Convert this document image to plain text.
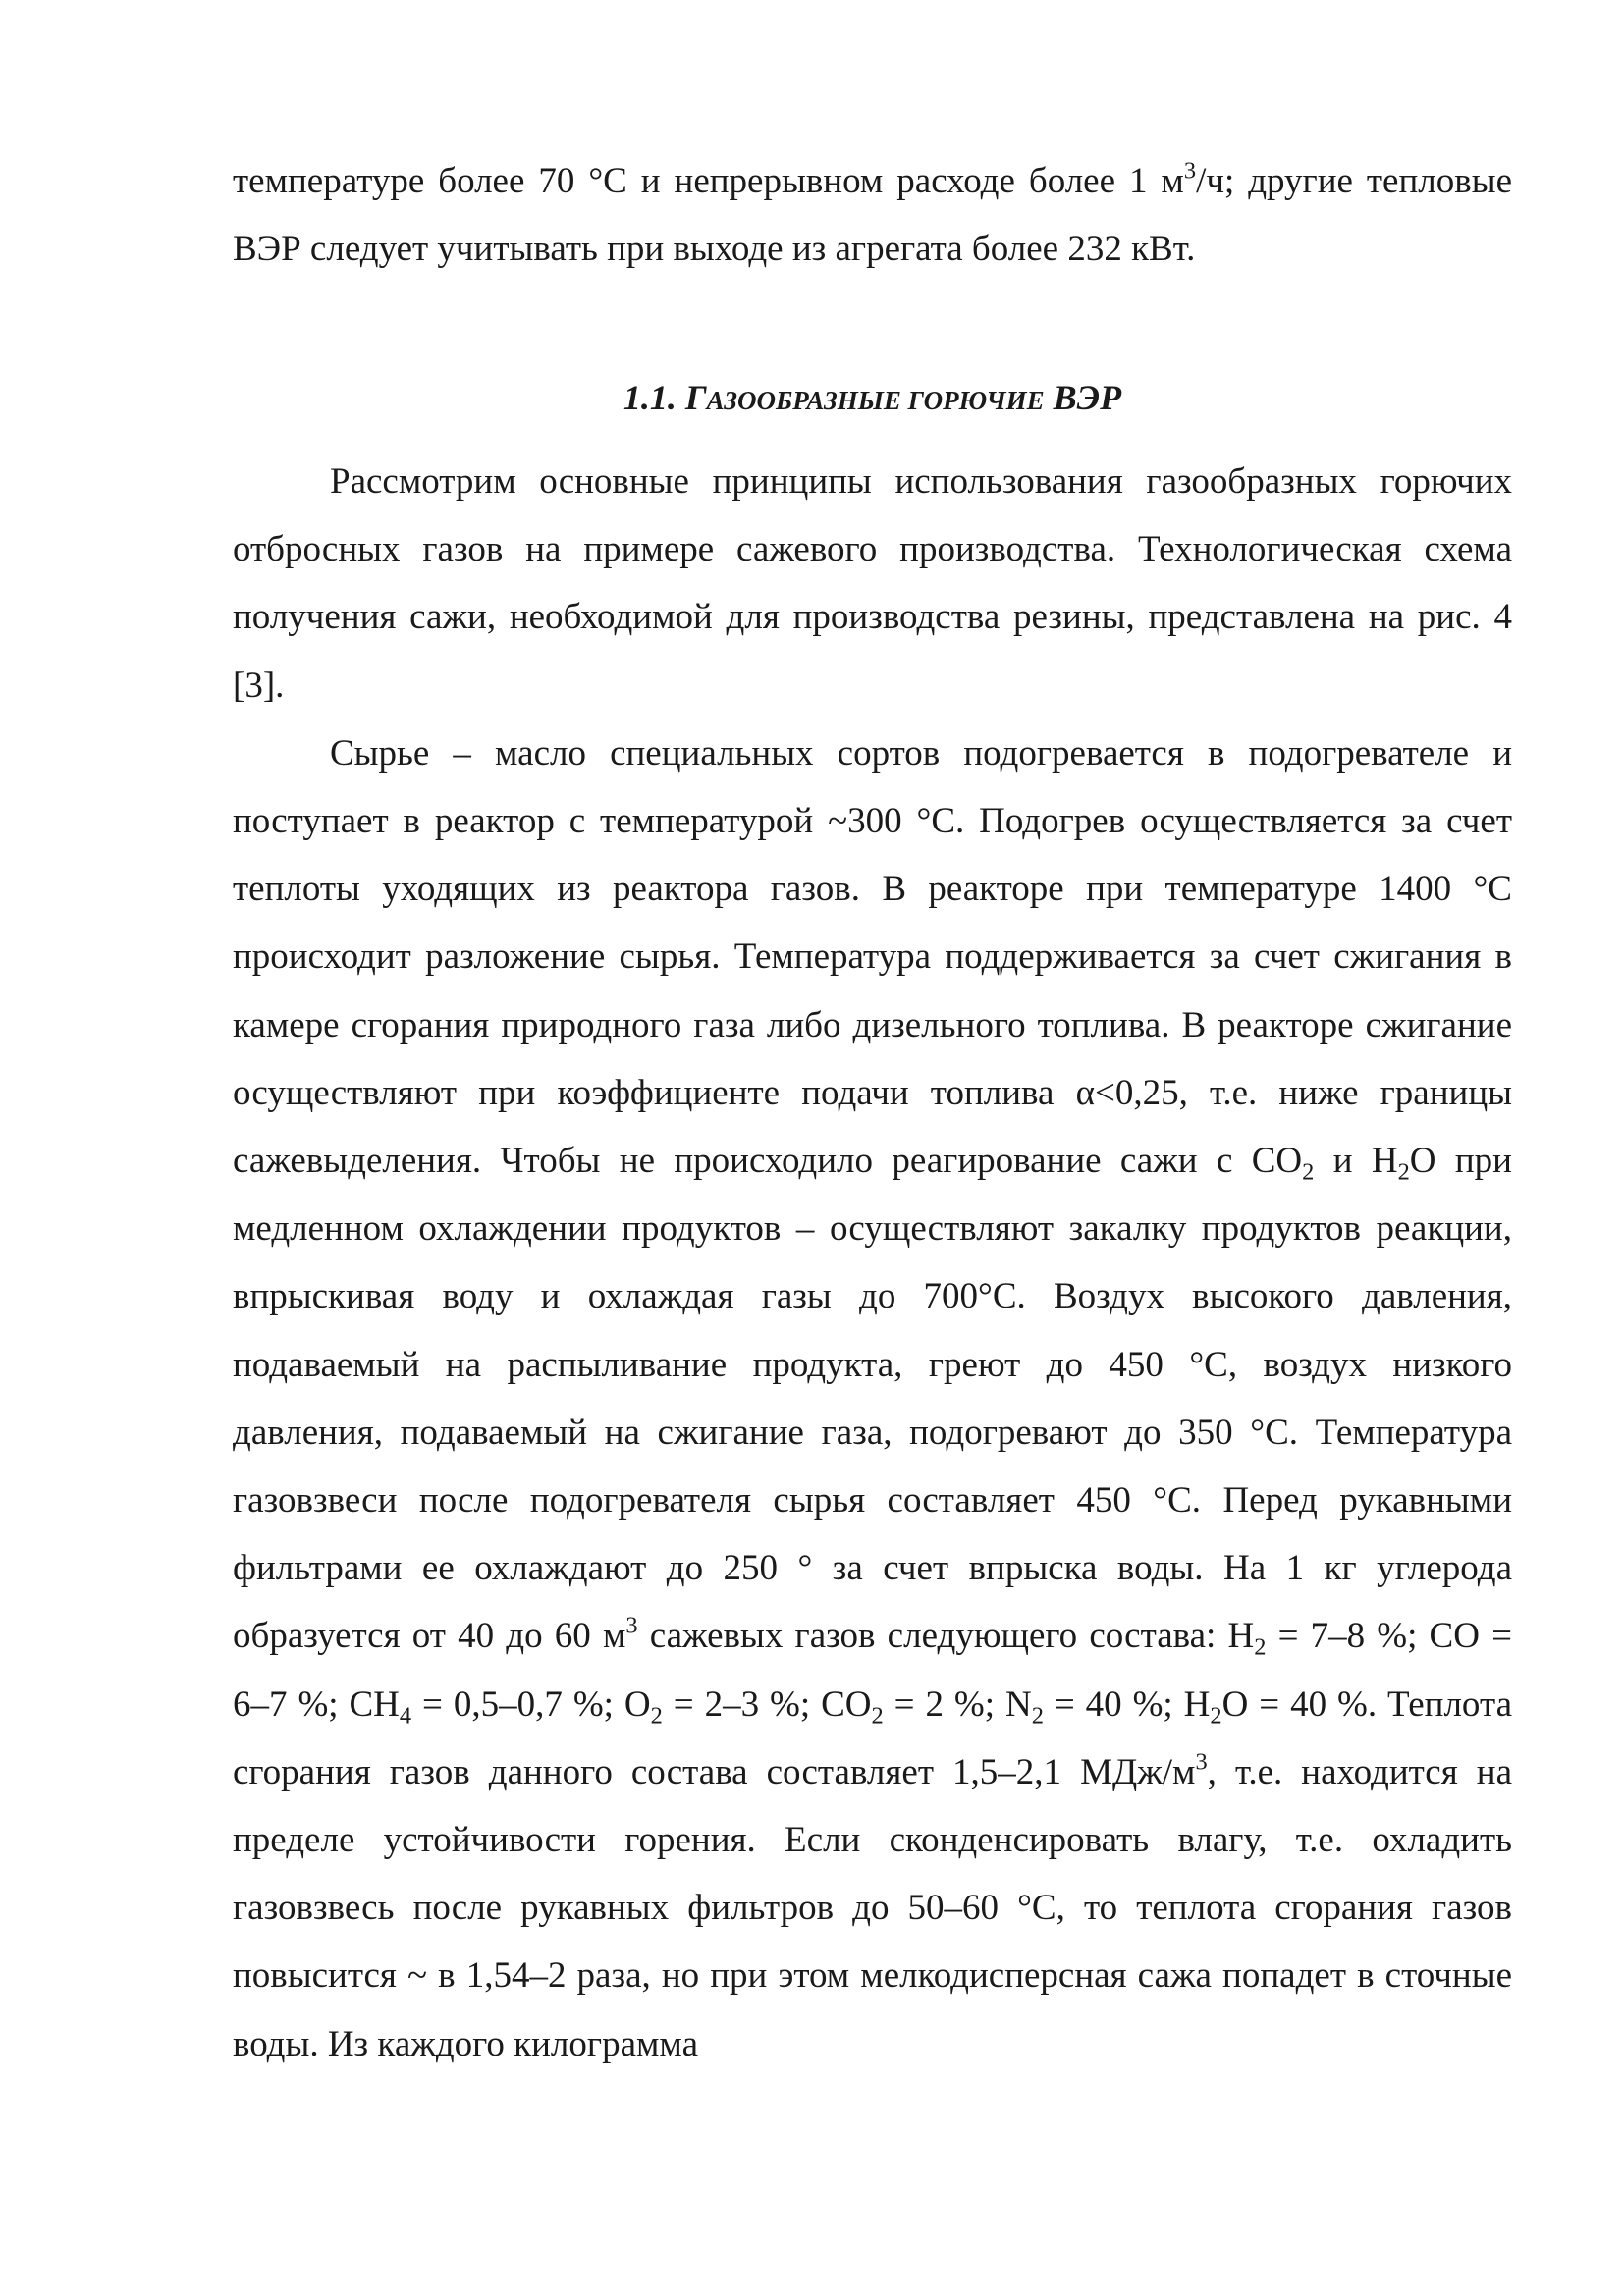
температуре более 70 °С и непрерывном расходе более 1 $м^3/ч$; другие тепловые ВЭР следует учитывать при выходе из агрегата более 232 кВт.

1.1. ГАЗООБРАЗНЫЕ ГОРЮЧИЕ ВЭР

Рассмотрим основные принципы использования газообразных горючих отбросных газов на примере сажевого производства. Технологическая схема получения сажи, необходимой для производства резины, представлена на рис. 4 [3].

Сырье – масло специальных сортов подогревается в подогревателе и поступает в реактор с температурой ~300 °С. Подогрев осуществляется за счет теплоты уходящих из реактора газов. В реакторе при температуре 1400 °С происходит разложение сырья. Температура поддерживается за счет сжигания в камере сгорания природного газа либо дизельного топлива. В реакторе сжигание осуществляют при коэффициенте подачи топлива α<0,25, т.е. ниже границы сажевыделения. Чтобы не происходило реагирование сажи с $СО_2$ и $Н_2О$ при медленном охлаждении продуктов – осуществляют закалку продуктов реакции, впрыскивая воду и охлаждая газы до 700°С. Воздух высокого давления, подаваемый на распыливание продукта, греют до 450 °С, воздух низкого давления, подаваемый на сжигание газа, подогревают до 350 °С. Температура газовзвеси после подогревателя сырья составляет 450 °С. Перед рукавными фильтрами ее охлаждают до 250 ° за счет впрыска воды. На 1 кг углерода образуется от 40 до 60 $м^3$ сажевых газов следующего состава: $Н_2 = 7-8$ %; СО = 6–7 %; $СН_4 = 0,5-0,7$ %; $О_2 = 2-3$ %; $СО_2 = 2$ %; $N_2 = 40$ %; $Н_2О = 40$ %. Теплота сгорания газов данного состава составляет 1,5–2,1 МДж/$м^3$, т.е. находится на пределе устойчивости горения. Если сконденсировать влагу, т.е. охладить газовзвесь после рукавных фильтров до 50–60 °С, то теплота сгорания газов повысится ~ в 1,54–2 раза, но при этом мелкодисперсная сажа попадет в сточные воды. Из каждого килограмма
